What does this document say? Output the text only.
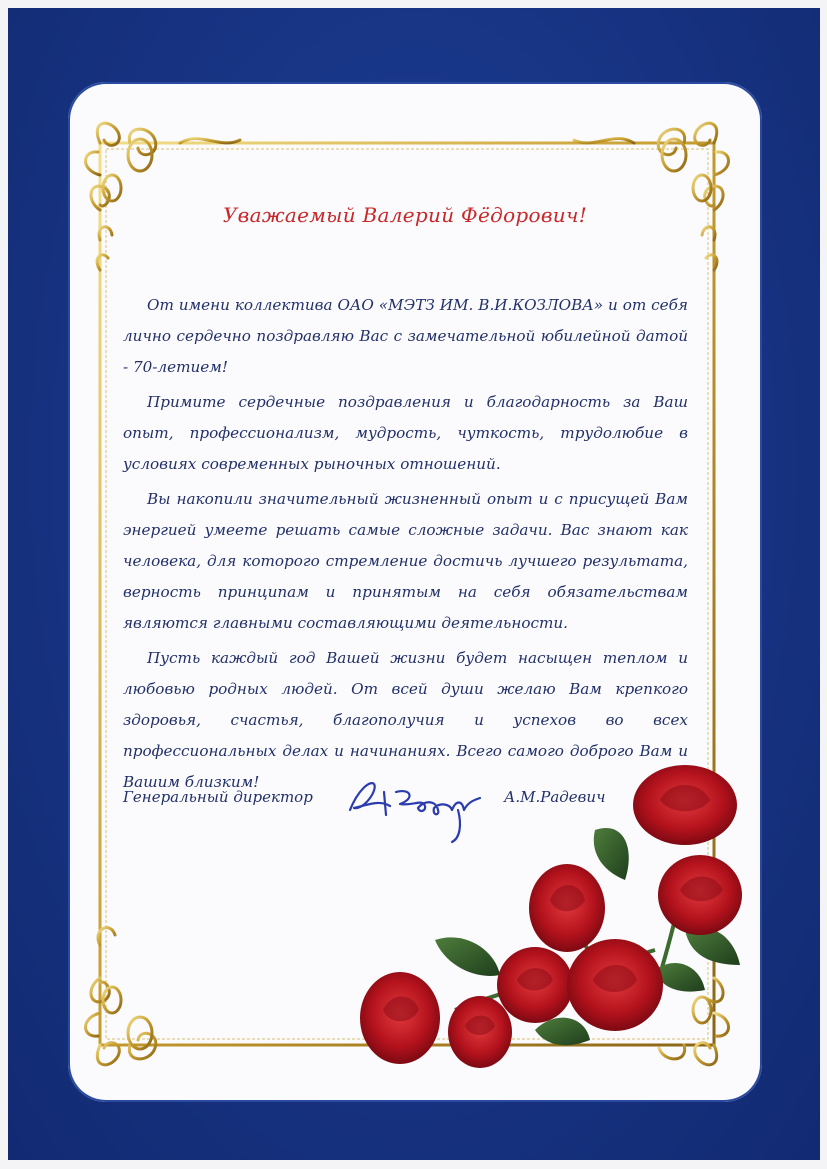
Уважаемый Валерий Фёдорович!

От имени коллектива ОАО «МЭТЗ ИМ. В.И.КОЗЛОВА» и от себя лично сердечно поздравляю Вас с замечательной юбилейной датой - 70-летием!

Примите сердечные поздравления и благодарность за Ваш опыт, профессионализм, мудрость, чуткость, трудолюбие в условиях современных рыночных отношений.

Вы накопили значительный жизненный опыт и с присущей Вам энергией умеете решать самые сложные задачи. Вас знают как человека, для которого стремление достичь лучшего результата, верность принципам и принятым на себя обязательствам являются главными составляющими деятельности.

Пусть каждый год Вашей жизни будет насыщен теплом и любовью родных людей. От всей души желаю Вам крепкого здоровья, счастья, благополучия и успехов во всех профессиональных делах и начинаниях. Всего самого доброго Вам и Вашим близким!

Генеральный директор	А.М.Радевич
